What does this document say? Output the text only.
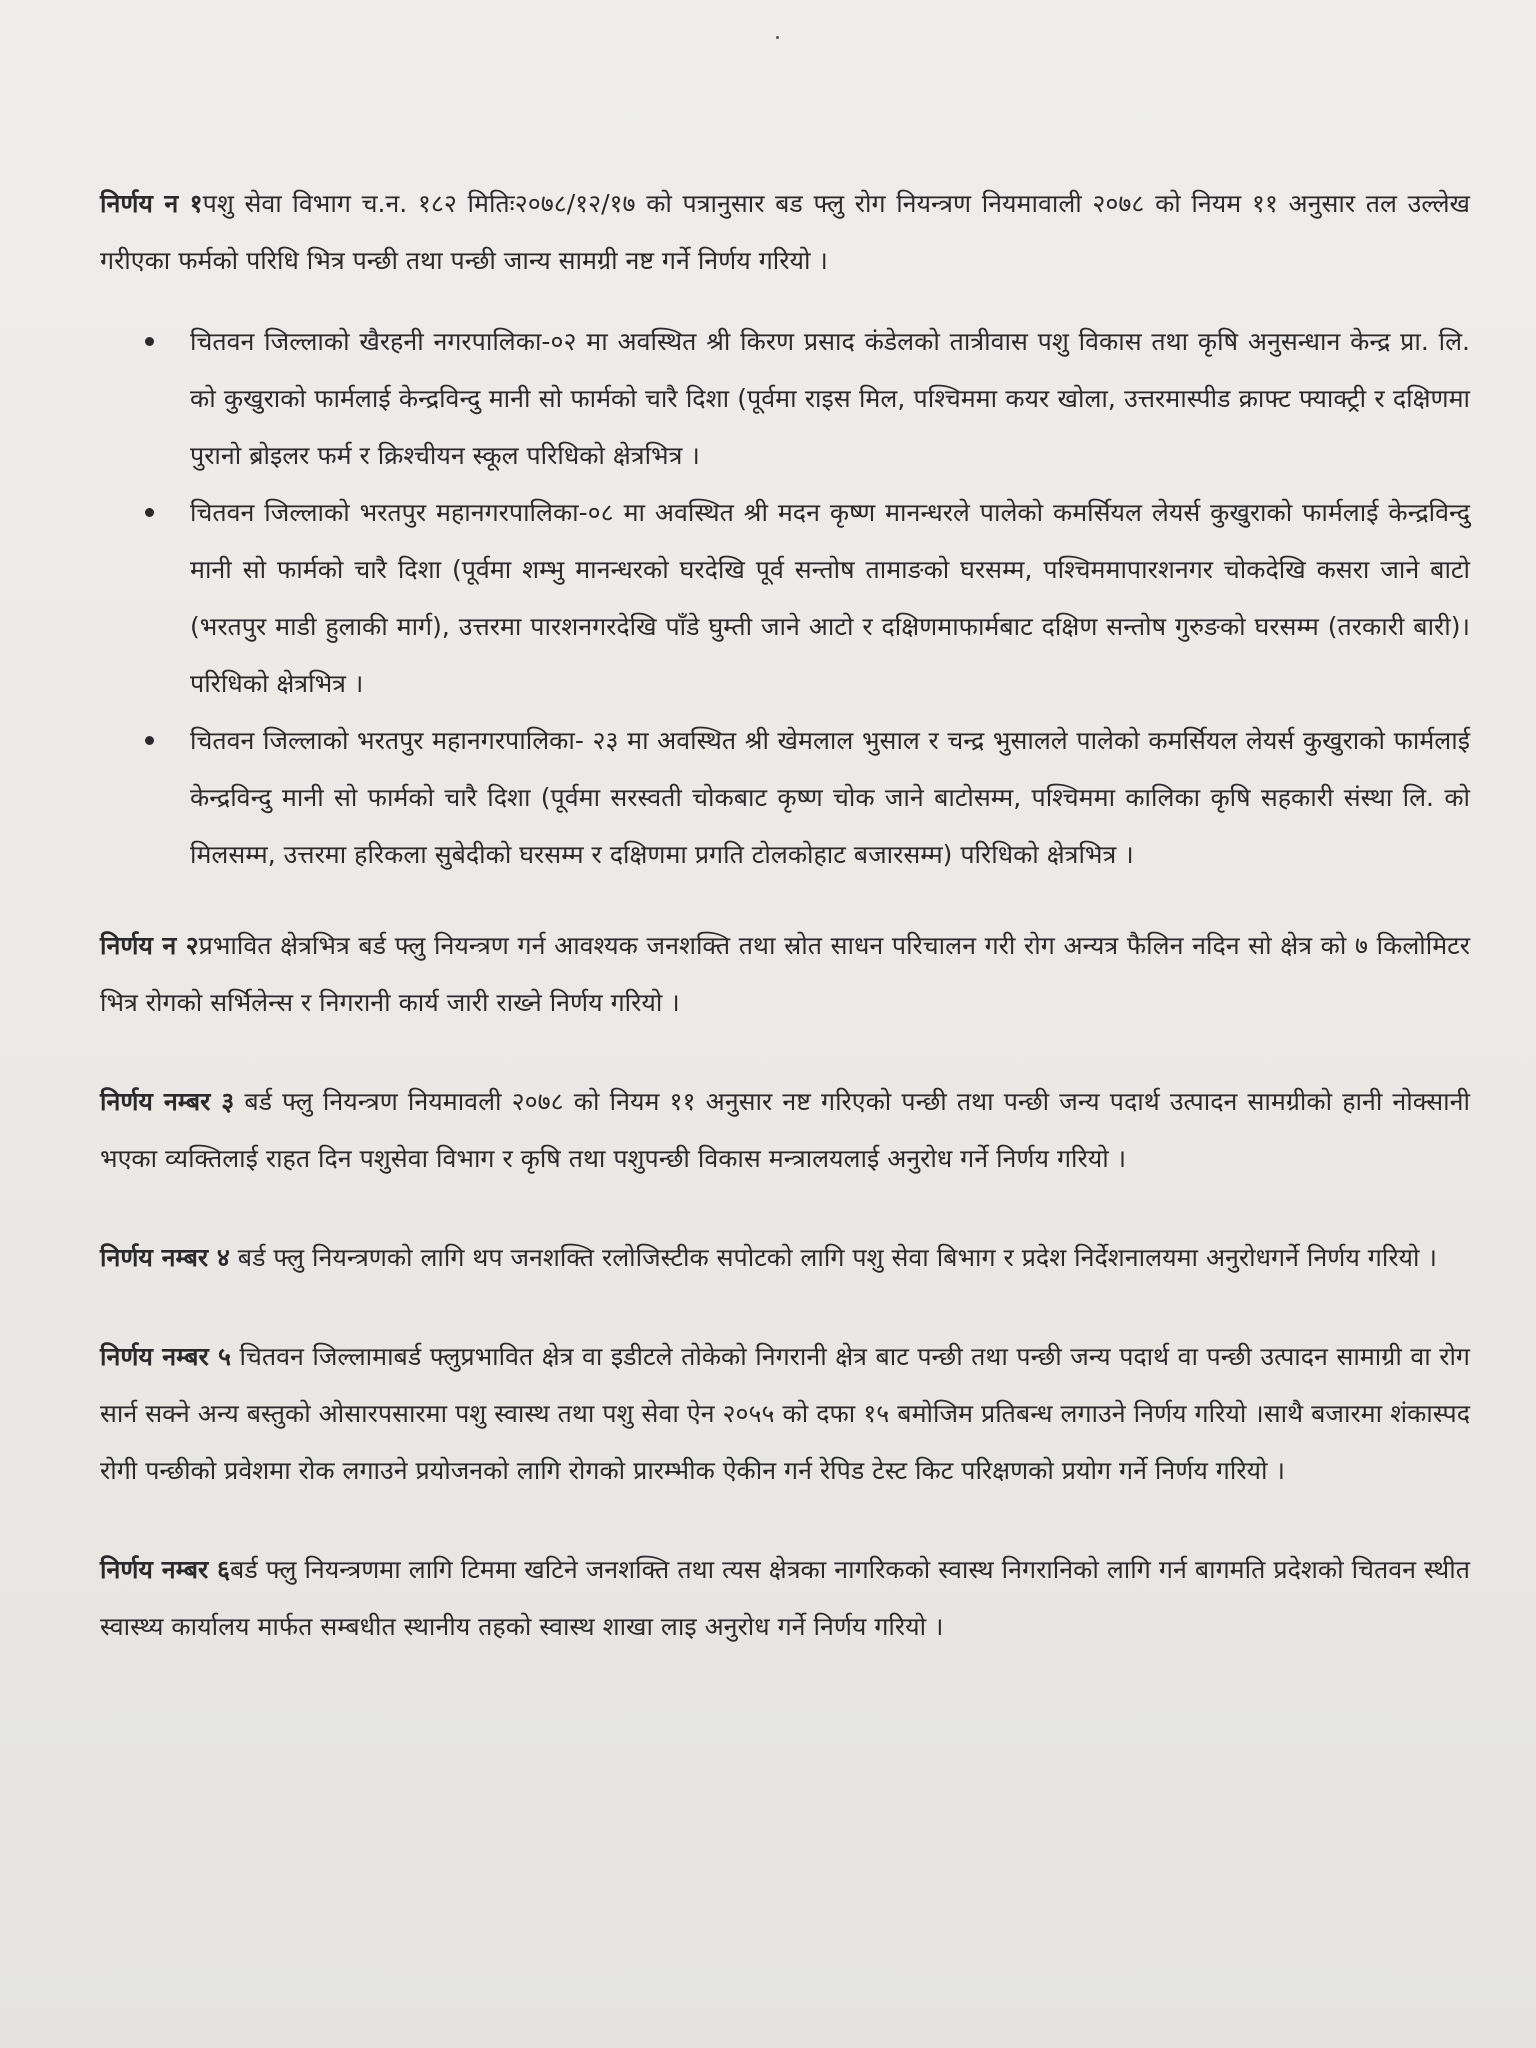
निर्णय न १पशु सेवा विभाग च.न. १८२ मितिः२०७८/१२/१७ को पत्रानुसार बड फ्लु रोग नियन्त्रण नियमावाली २०७८ को नियम ११ अनुसार तल उल्लेख गरीएका फर्मको परिधि भित्र पन्छी तथा पन्छी जान्य सामग्री नष्ट गर्ने निर्णय गरियो ।

चितवन जिल्लाको खैरहनी नगरपालिका-०२ मा अवस्थित श्री किरण प्रसाद कंडेलको तात्रीवास पशु विकास तथा कृषि अनुसन्धान केन्द्र प्रा. लि. को कुखुराको फार्मलाई केन्द्रविन्दु मानी सो फार्मको चारै दिशा (पूर्वमा राइस मिल, पश्चिममा कयर खोला, उत्तरमास्पीड क्राफ्ट फ्याक्ट्री र दक्षिणमा पुरानो ब्रोइलर फर्म र क्रिश्चीयन स्कूल परिधिको क्षेत्रभित्र ।
चितवन जिल्लाको भरतपुर महानगरपालिका-०८ मा अवस्थित श्री मदन कृष्ण मानन्धरले पालेको कमर्सियल लेयर्स कुखुराको फार्मलाई केन्द्रविन्दु मानी सो फार्मको चारै दिशा (पूर्वमा शम्भु मानन्धरको घरदेखि पूर्व सन्तोष तामाङको घरसम्म, पश्चिममापारशनगर चोकदेखि कसरा जाने बाटो (भरतपुर माडी हुलाकी मार्ग), उत्तरमा पारशनगरदेखि पाँडे घुम्ती जाने आटो र दक्षिणमाफार्मबाट दक्षिण सन्तोष गुरुङको घरसम्म (तरकारी बारी)। परिधिको क्षेत्रभित्र ।
चितवन जिल्लाको भरतपुर महानगरपालिका- २३ मा अवस्थित श्री खेमलाल भुसाल र चन्द्र भुसालले पालेको कमर्सियल लेयर्स कुखुराको फार्मलाई केन्द्रविन्दु मानी सो फार्मको चारै दिशा (पूर्वमा सरस्वती चोकबाट कृष्ण चोक जाने बाटोसम्म, पश्चिममा कालिका कृषि सहकारी संस्था लि. को मिलसम्म, उत्तरमा हरिकला सुबेदीको घरसम्म र दक्षिणमा प्रगति टोलकोहाट बजारसम्म) परिधिको क्षेत्रभित्र ।

निर्णय न २प्रभावित क्षेत्रभित्र बर्ड फ्लु नियन्त्रण गर्न आवश्यक जनशक्ति तथा स्रोत साधन परिचालन गरी रोग अन्यत्र फैलिन नदिन सो क्षेत्र को ७ किलोमिटर भित्र रोगको सर्भिलेन्स र निगरानी कार्य जारी राख्ने निर्णय गरियो ।

निर्णय नम्बर ३ बर्ड फ्लु नियन्त्रण नियमावली २०७८ को नियम ११ अनुसार नष्ट गरिएको पन्छी तथा पन्छी जन्य पदार्थ उत्पादन सामग्रीको हानी नोक्सानी भएका व्यक्तिलाई राहत दिन पशुसेवा विभाग र कृषि तथा पशुपन्छी विकास मन्त्रालयलाई अनुरोध गर्ने निर्णय गरियो ।

निर्णय नम्बर ४ बर्ड फ्लु नियन्त्रणको लागि थप जनशक्ति रलोजिस्टीक सपोटको लागि पशु सेवा बिभाग र प्रदेश निर्देशनालयमा अनुरोधगर्ने निर्णय गरियो ।

निर्णय नम्बर ५ चितवन जिल्लामाबर्ड फ्लुप्रभावित क्षेत्र वा इडीटले तोकेको निगरानी क्षेत्र बाट पन्छी तथा पन्छी जन्य पदार्थ वा पन्छी उत्पादन सामाग्री वा रोग सार्न सक्ने अन्य बस्तुको ओसारपसारमा पशु स्वास्थ तथा पशु सेवा ऐन २०५५ को दफा १५ बमोजिम प्रतिबन्ध लगाउने निर्णय गरियो ।साथै बजारमा शंकास्पद रोगी पन्छीको प्रवेशमा रोक लगाउने प्रयोजनको लागि रोगको प्रारम्भीक ऐकीन गर्न रेपिड टेस्ट किट परिक्षणको प्रयोग गर्ने निर्णय गरियो ।

निर्णय नम्बर ६बर्ड फ्लु नियन्त्रणमा लागि टिममा खटिने जनशक्ति तथा त्यस क्षेत्रका नागरिकको स्वास्थ निगरानिको लागि गर्न बागमति प्रदेशको चितवन स्थीत स्वास्थ्य कार्यालय मार्फत सम्बधीत स्थानीय तहको स्वास्थ शाखा लाइ अनुरोध गर्ने निर्णय गरियो ।
